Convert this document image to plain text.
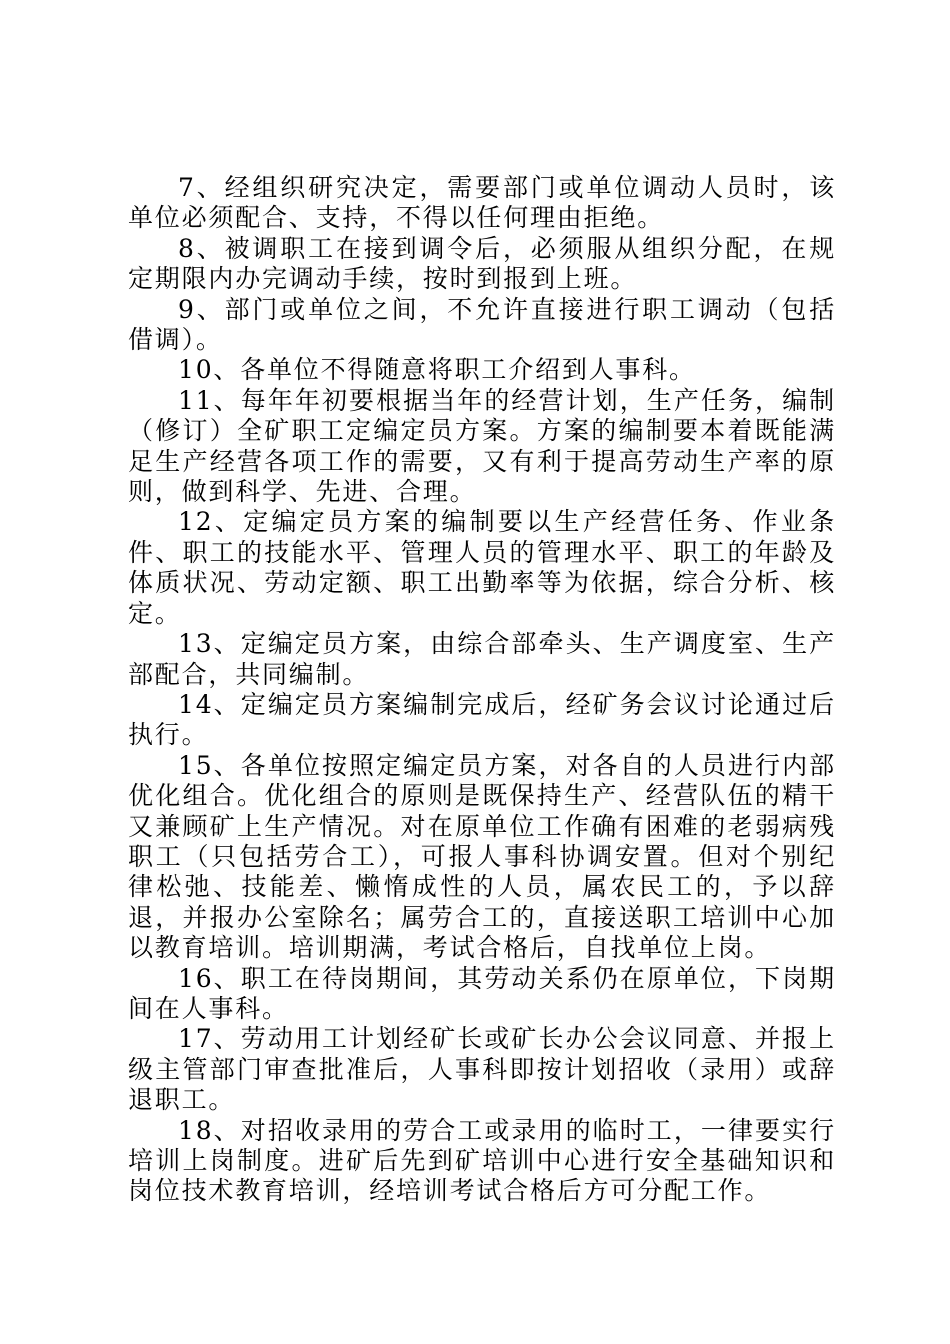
7、经组织研究决定，需要部门或单位调动人员时，该单位必须配合、支持，不得以任何理由拒绝。

8、被调职工在接到调令后，必须服从组织分配，在规定期限内办完调动手续，按时到报到上班。

9、部门或单位之间，不允许直接进行职工调动（包括借调）。

10、各单位不得随意将职工介绍到人事科。

11、每年年初要根据当年的经营计划，生产任务，编制（修订）全矿职工定编定员方案。方案的编制要本着既能满足生产经营各项工作的需要，又有利于提高劳动生产率的原则，做到科学、先进、合理。

12、定编定员方案的编制要以生产经营任务、作业条件、职工的技能水平、管理人员的管理水平、职工的年龄及体质状况、劳动定额、职工出勤率等为依据，综合分析、核定。

13、定编定员方案，由综合部牵头、生产调度室、生产部配合，共同编制。

14、定编定员方案编制完成后，经矿务会议讨论通过后执行。

15、各单位按照定编定员方案，对各自的人员进行内部优化组合。优化组合的原则是既保持生产、经营队伍的精干又兼顾矿上生产情况。对在原单位工作确有困难的老弱病残职工（只包括劳合工），可报人事科协调安置。但对个别纪律松弛、技能差、懒惰成性的人员，属农民工的，予以辞退，并报办公室除名；属劳合工的，直接送职工培训中心加以教育培训。培训期满，考试合格后，自找单位上岗。

16、职工在待岗期间，其劳动关系仍在原单位，下岗期间在人事科。

17、劳动用工计划经矿长或矿长办公会议同意、并报上级主管部门审查批准后，人事科即按计划招收（录用）或辞退职工。

18、对招收录用的劳合工或录用的临时工，一律要实行培训上岗制度。进矿后先到矿培训中心进行安全基础知识和岗位技术教育培训，经培训考试合格后方可分配工作。
